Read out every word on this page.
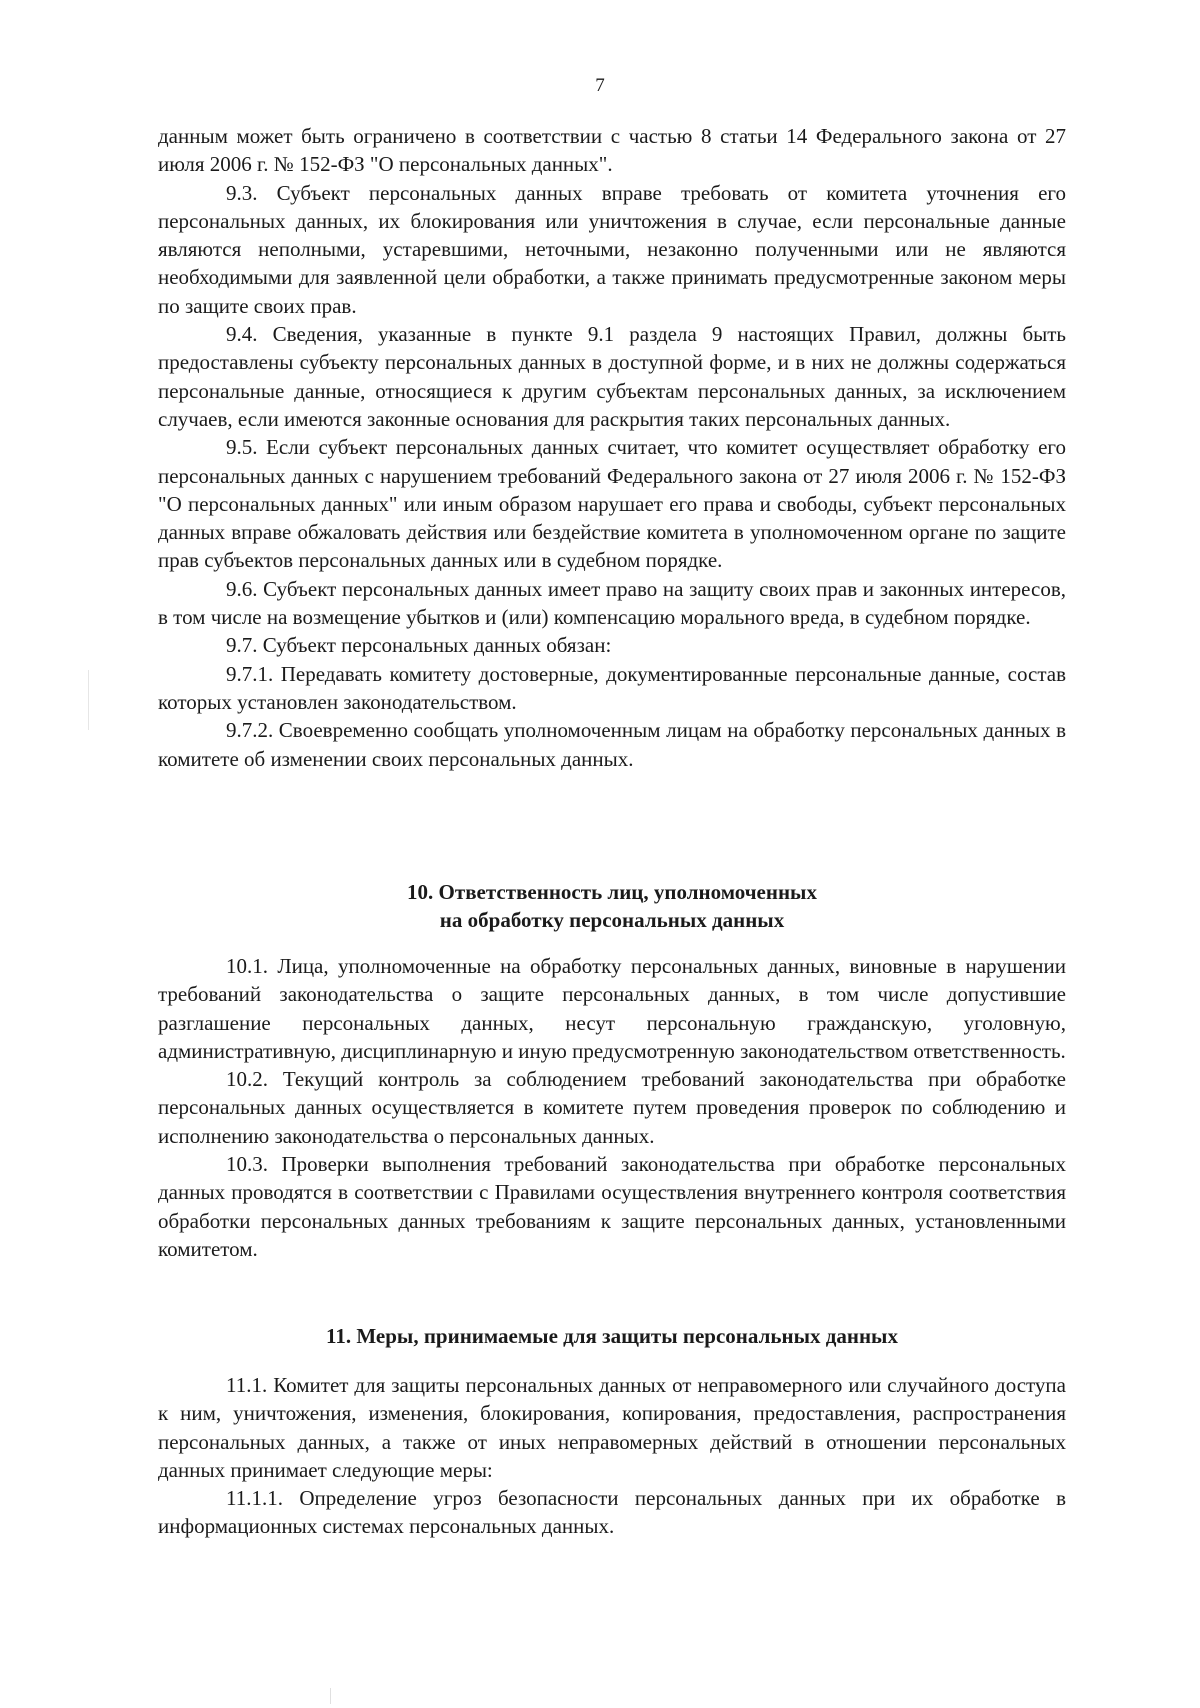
7

данным может быть ограничено в соответствии с частью 8 статьи 14 Федерального закона от 27 июля 2006 г. № 152-ФЗ "О персональных данных".

9.3. Субъект персональных данных вправе требовать от комитета уточнения его персональных данных, их блокирования или уничтожения в случае, если персональные данные являются неполными, устаревшими, неточными, незаконно полученными или не являются необходимыми для заявленной цели обработки, а также принимать предусмотренные законом меры по защите своих прав.

9.4. Сведения, указанные в пункте 9.1 раздела 9 настоящих Правил, должны быть предоставлены субъекту персональных данных в доступной форме, и в них не должны содержаться персональные данные, относящиеся к другим субъектам персональных данных, за исключением случаев, если имеются законные основания для раскрытия таких персональных данных.

9.5. Если субъект персональных данных считает, что комитет осуществляет обработку его персональных данных с нарушением требований Федерального закона от 27 июля 2006 г. № 152-ФЗ "О персональных данных" или иным образом нарушает его права и свободы, субъект персональных данных вправе обжаловать действия или бездействие комитета в уполномоченном органе по защите прав субъектов персональных данных или в судебном порядке.

9.6. Субъект персональных данных имеет право на защиту своих прав и законных интересов, в том числе на возмещение убытков и (или) компенсацию морального вреда, в судебном порядке.

9.7. Субъект персональных данных обязан:

9.7.1. Передавать комитету достоверные, документированные персональные данные, состав которых установлен законодательством.

9.7.2. Своевременно сообщать уполномоченным лицам на обработку персональных данных в комитете об изменении своих персональных данных.

10. Ответственность лиц, уполномоченных

на обработку персональных данных

10.1. Лица, уполномоченные на обработку персональных данных, виновные в нарушении требований законодательства о защите персональных данных, в том числе допустившие разглашение персональных данных, несут персональную гражданскую, уголовную, административную, дисциплинарную и иную предусмотренную законодательством ответственность.

10.2. Текущий контроль за соблюдением требований законодательства при обработке персональных данных осуществляется в комитете путем проведения проверок по соблюдению и исполнению законодательства о персональных данных.

10.3. Проверки выполнения требований законодательства при обработке персональных данных проводятся в соответствии с Правилами осуществления внутреннего контроля соответствия обработки персональных данных требованиям к защите персональных данных, установленными комитетом.

11. Меры, принимаемые для защиты персональных данных

11.1. Комитет для защиты персональных данных от неправомерного или случайного доступа к ним, уничтожения, изменения, блокирования, копирования, предоставления, распространения персональных данных, а также от иных неправомерных действий в отношении персональных данных принимает следующие меры:

11.1.1. Определение угроз безопасности персональных данных при их обработке в информационных системах персональных данных.
